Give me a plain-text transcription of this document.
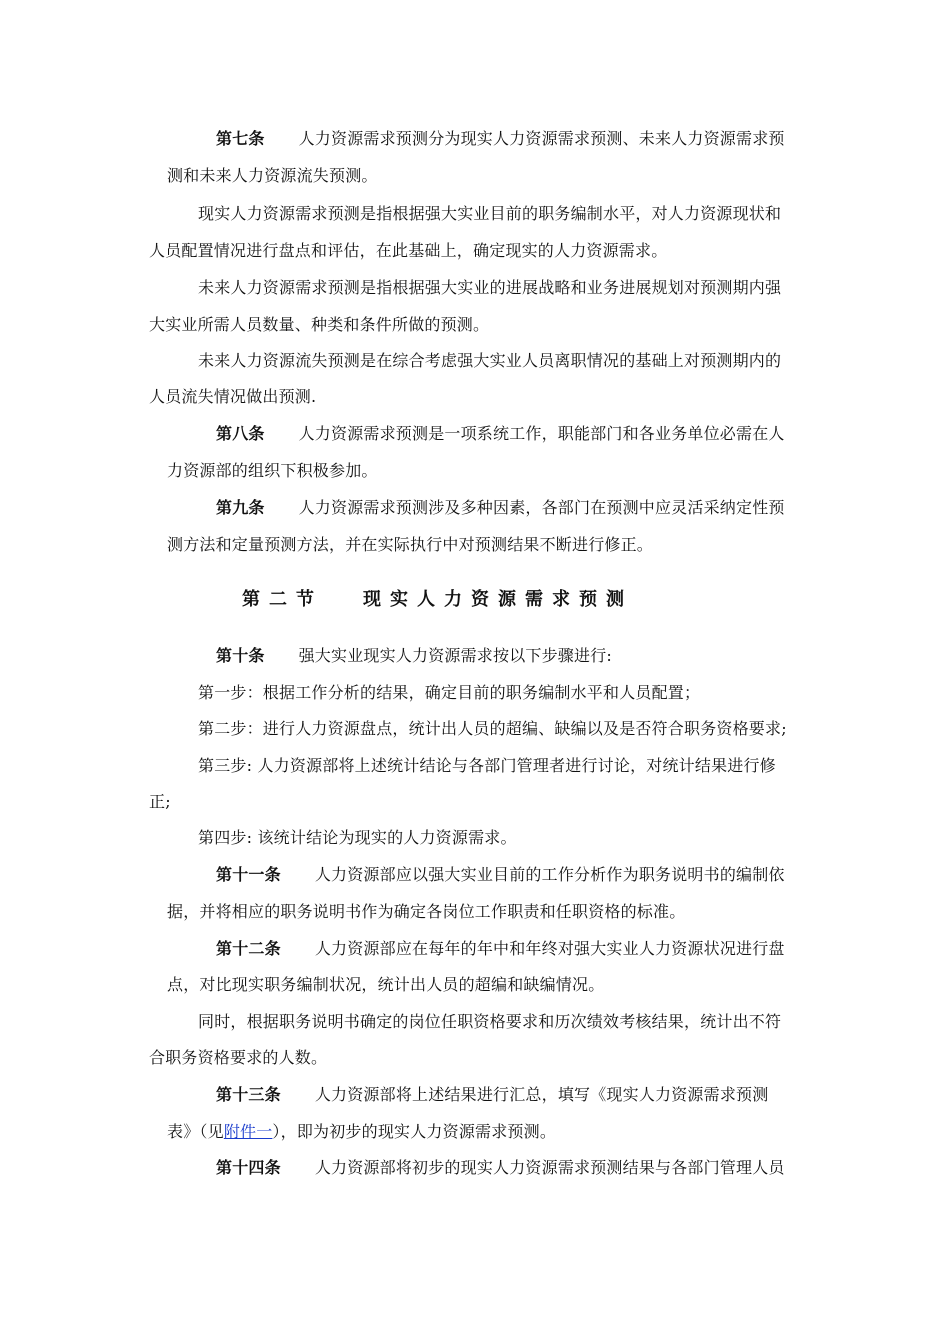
第七条 人力资源需求预测分为现实人力资源需求预测、未来人力资源需求预
测和未来人力资源流失预测。
现实人力资源需求预测是指根据强大实业目前的职务编制水平，对人力资源现状和
人员配置情况进行盘点和评估，在此基础上，确定现实的人力资源需求。
未来人力资源需求预测是指根据强大实业的进展战略和业务进展规划对预测期内强
大实业所需人员数量、种类和条件所做的预测。
未来人力资源流失预测是在综合考虑强大实业人员离职情况的基础上对预测期内的
人员流失情况做出预测.
第八条 人力资源需求预测是一项系统工作，职能部门和各业务单位必需在人
力资源部的组织下积极参加。
第九条 人力资源需求预测涉及多种因素，各部门在预测中应灵活采纳定性预
测方法和定量预测方法，并在实际执行中对预测结果不断进行修正。
第二节 现实人力资源需求预测
第十条 强大实业现实人力资源需求按以下步骤进行:
第一步：根据工作分析的结果，确定目前的职务编制水平和人员配置；
第二步：进行人力资源盘点，统计出人员的超编、缺编以及是否符合职务资格要求;
第三步: 人力资源部将上述统计结论与各部门管理者进行讨论，对统计结果进行修
正;
第四步: 该统计结论为现实的人力资源需求。
第十一条 人力资源部应以强大实业目前的工作分析作为职务说明书的编制依
据，并将相应的职务说明书作为确定各岗位工作职责和任职资格的标准。
第十二条 人力资源部应在每年的年中和年终对强大实业人力资源状况进行盘
点，对比现实职务编制状况，统计出人员的超编和缺编情况。
同时，根据职务说明书确定的岗位任职资格要求和历次绩效考核结果，统计出不符
合职务资格要求的人数。
第十三条 人力资源部将上述结果进行汇总，填写《现实人力资源需求预测
表》（见附件一），即为初步的现实人力资源需求预测。
第十四条 人力资源部将初步的现实人力资源需求预测结果与各部门管理人员
